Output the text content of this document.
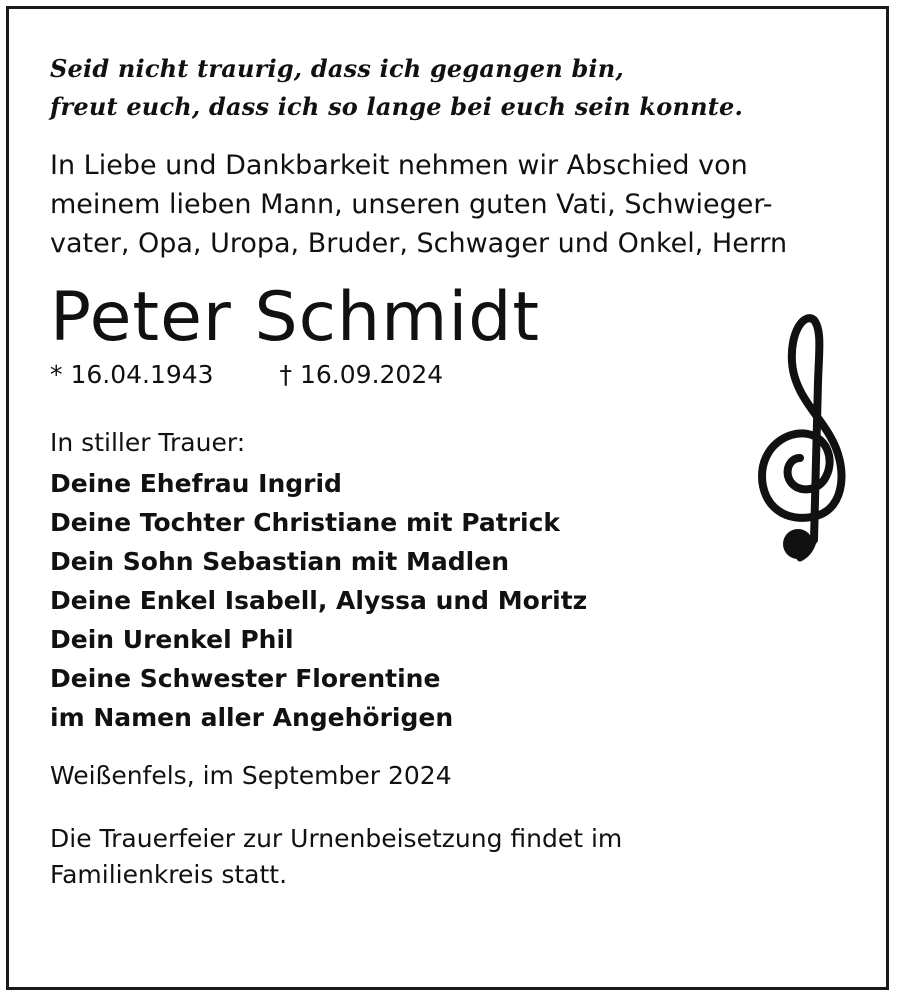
Seid nicht traurig, dass ich gegangen bin,
freut euch, dass ich so lange bei euch sein konnte.

In Liebe und Dankbarkeit nehmen wir Abschied von
meinem lieben Mann, unseren guten Vati, Schwieger-
vater, Opa, Uropa, Bruder, Schwager und Onkel, Herrn
Peter Schmidt
* 16.04.1943	† 16.09.2024
In stiller Trauer:
Deine Ehefrau Ingrid
Deine Tochter Christiane mit Patrick
Dein Sohn Sebastian mit Madlen
Deine Enkel Isabell, Alyssa und Moritz
Dein Urenkel Phil
Deine Schwester Florentine
im Namen aller Angehörigen
Weißenfels, im September 2024
Die Trauerfeier zur Urnenbeisetzung findet im
Familienkreis statt.
